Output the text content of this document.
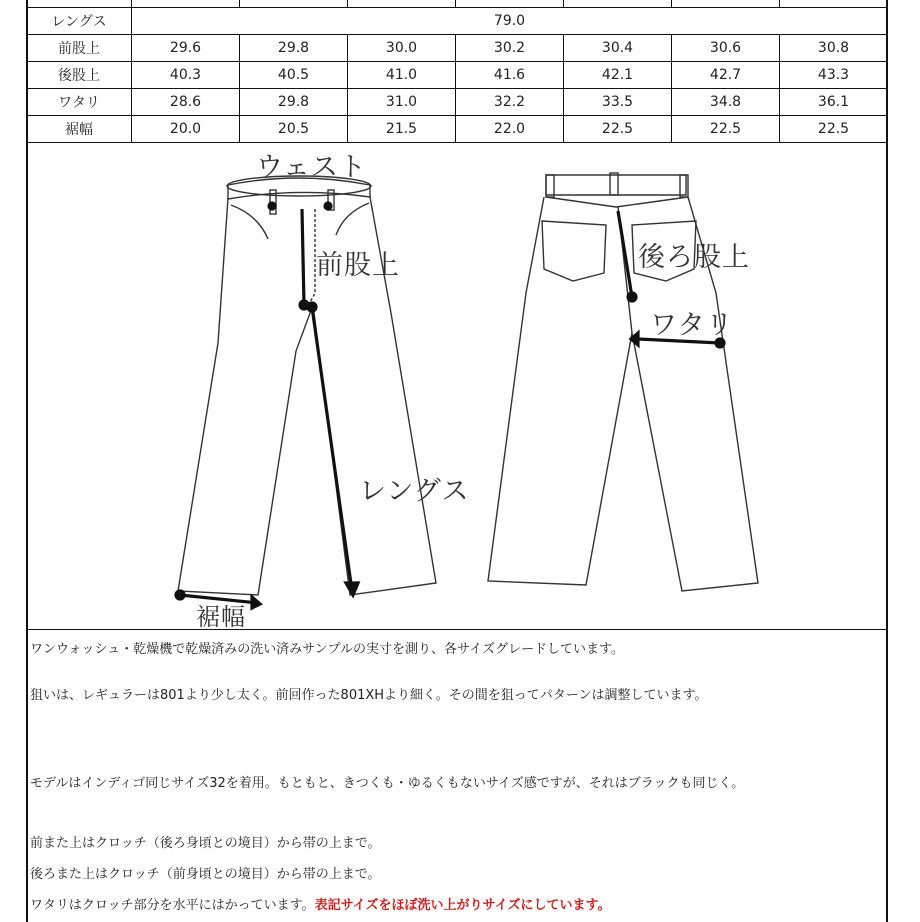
レングス	79.0						
前股上	29.6	29.8	30.0	30.2	30.4	30.6	30.8
後股上	40.3	40.5	41.0	41.6	42.1	42.7	43.3
ワタリ	28.6	29.8	31.0	32.2	33.5	34.8	36.1
裾幅	20.0	20.5	21.5	22.0	22.5	22.5	22.5
ウェスト
前股上
レングス
裾幅
後ろ股上
ワタリ

ワンウォッシュ・乾燥機で乾燥済みの洗い済みサンプルの実寸を測り、各サイズグレードしています。

狙いは、レギュラーは801より少し太く。前回作った801XHより細く。その間を狙ってパターンは調整しています。

モデルはインディゴ同じサイズ32を着用。もともと、きつくも・ゆるくもないサイズ感ですが、それはブラックも同じく。

前また上はクロッチ（後ろ身頃との境目）から帯の上まで。

後ろまた上はクロッチ（前身頃との境目）から帯の上まで。

ワタリはクロッチ部分を水平にはかっています。表記サイズをほぼ洗い上がりサイズにしています。
